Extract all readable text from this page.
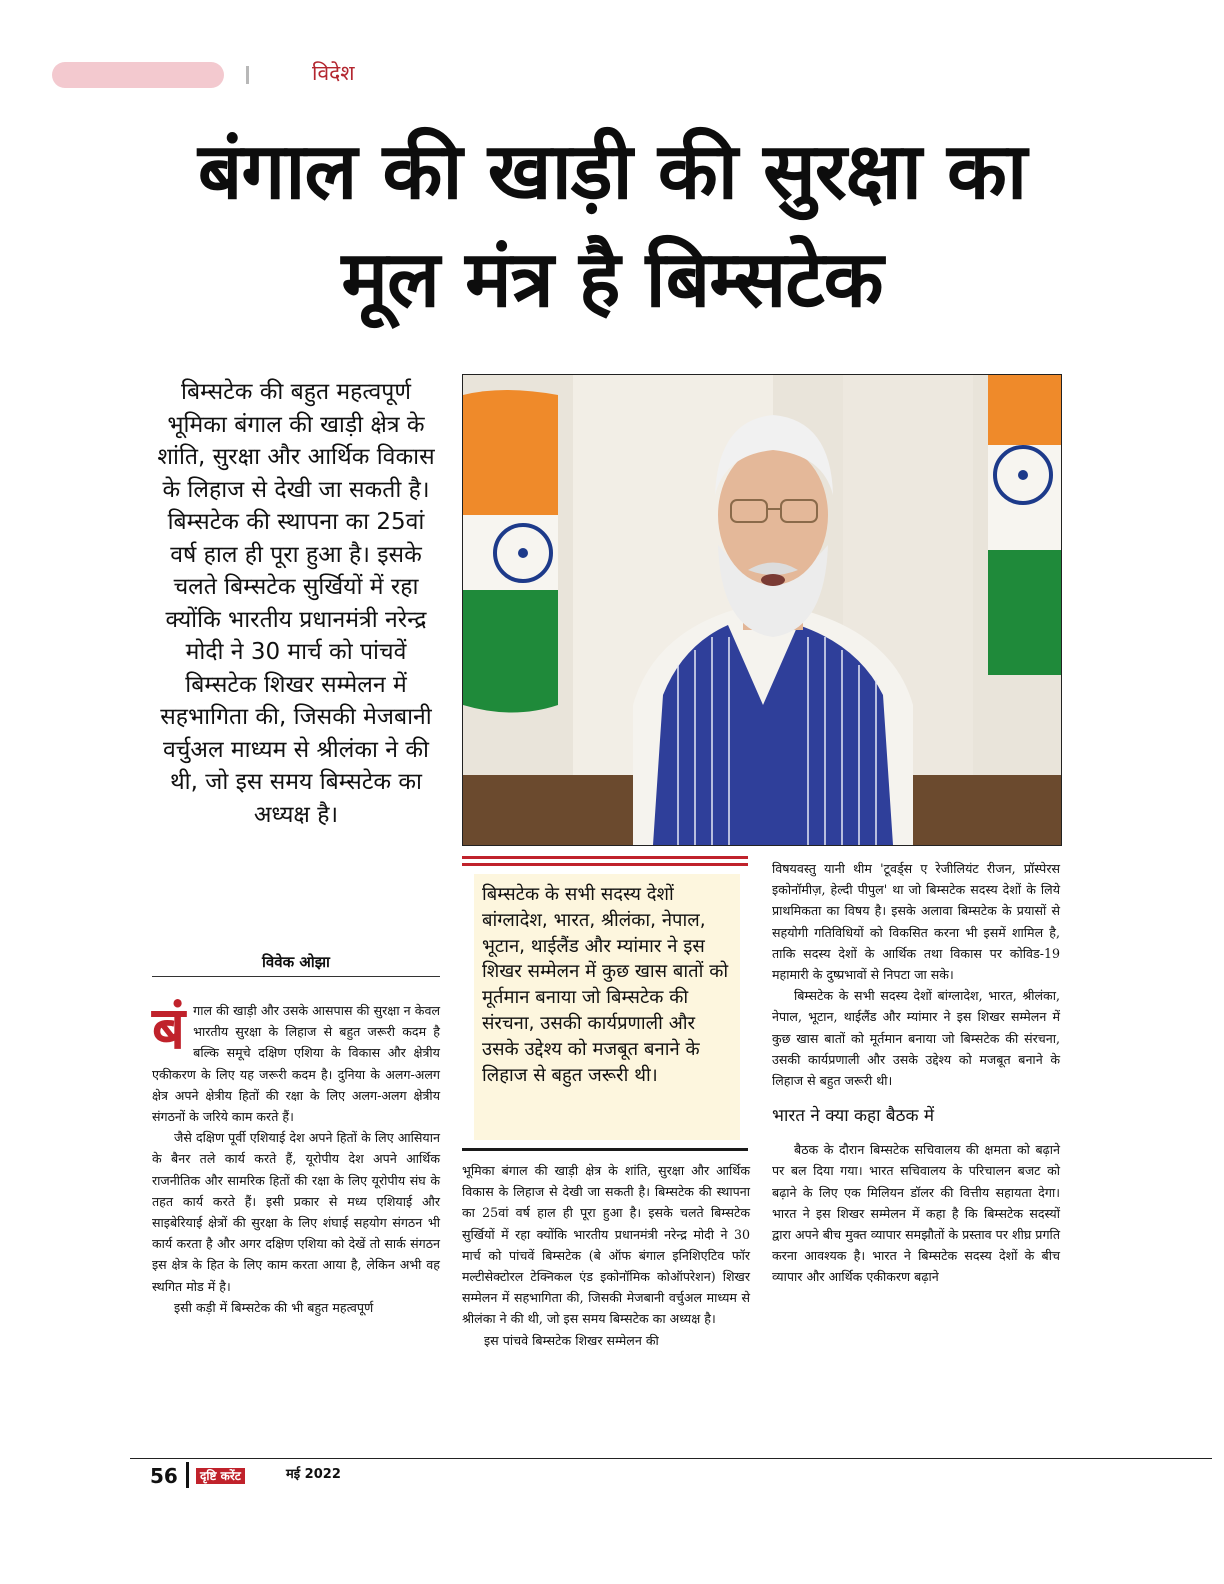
विदेश
बंगाल की खाड़ी की सुरक्षा का
मूल मंत्र है बिम्सटेक
बिम्सटेक की बहुत महत्वपूर्ण भूमिका बंगाल की खाड़ी क्षेत्र के शांति, सुरक्षा और आर्थिक विकास के लिहाज से देखी जा सकती है। बिम्सटेक की स्थापना का 25वां वर्ष हाल ही पूरा हुआ है। इसके चलते बिम्सटेक सुर्खियों में रहा क्योंकि भारतीय प्रधानमंत्री नरेन्द्र मोदी ने 30 मार्च को पांचवें बिम्सटेक शिखर सम्मेलन में सहभागिता की, जिसकी मेजबानी वर्चुअल माध्यम से श्रीलंका ने की थी, जो इस समय बिम्सटेक का अध्यक्ष है।
विवेक ओझा

बंगाल की खाड़ी और उसके आसपास की सुरक्षा न केवल भारतीय सुरक्षा के लिहाज से बहुत जरूरी कदम है बल्कि समूचे दक्षिण एशिया के विकास और क्षेत्रीय एकीकरण के लिए यह जरूरी कदम है। दुनिया के अलग-अलग क्षेत्र अपने क्षेत्रीय हितों की रक्षा के लिए अलग-अलग क्षेत्रीय संगठनों के जरिये काम करते हैं।

जैसे दक्षिण पूर्वी एशियाई देश अपने हितों के लिए आसियान के बैनर तले कार्य करते हैं, यूरोपीय देश अपने आर्थिक राजनीतिक और सामरिक हितों की रक्षा के लिए यूरोपीय संघ के तहत कार्य करते हैं। इसी प्रकार से मध्य एशियाई और साइबेरियाई क्षेत्रों की सुरक्षा के लिए शंघाई सहयोग संगठन भी कार्य करता है और अगर दक्षिण एशिया को देखें तो सार्क संगठन इस क्षेत्र के हित के लिए काम करता आया है, लेकिन अभी वह स्थगित मोड में है।

इसी कड़ी में बिम्सटेक की भी बहुत महत्वपूर्ण

बिम्सटेक के सभी सदस्य देशों बांग्लादेश, भारत, श्रीलंका, नेपाल, भूटान, थाईलैंड और म्यांमार ने इस शिखर सम्मेलन में कुछ खास बातों को मूर्तमान बनाया जो बिम्सटेक की संरचना, उसकी कार्यप्रणाली और उसके उद्देश्य को मजबूत बनाने के लिहाज से बहुत जरूरी थी।

भूमिका बंगाल की खाड़ी क्षेत्र के शांति, सुरक्षा और आर्थिक विकास के लिहाज से देखी जा सकती है। बिम्सटेक की स्थापना का 25वां वर्ष हाल ही पूरा हुआ है। इसके चलते बिम्सटेक सुर्खियों में रहा क्योंकि भारतीय प्रधानमंत्री नरेन्द्र मोदी ने 30 मार्च को पांचवें बिम्सटेक (बे ऑफ बंगाल इनिशिएटिव फॉर मल्टीसेक्टोरल टेक्निकल एंड इकोनॉमिक कोऑपरेशन) शिखर सम्मेलन में सहभागिता की, जिसकी मेजबानी वर्चुअल माध्यम से श्रीलंका ने की थी, जो इस समय बिम्सटेक का अध्यक्ष है।

इस पांचवे बिम्सटेक शिखर सम्मेलन की

विषयवस्तु यानी थीम 'टूवर्ड्स ए रेजीलियंट रीजन, प्रॉस्पेरस इकोनॉमीज़, हेल्दी पीपुल' था जो बिम्सटेक सदस्य देशों के लिये प्राथमिकता का विषय है। इसके अलावा बिम्सटेक के प्रयासों से सहयोगी गतिविधियों को विकसित करना भी इसमें शामिल है, ताकि सदस्य देशों के आर्थिक तथा विकास पर कोविड-19 महामारी के दुष्प्रभावों से निपटा जा सके।

बिम्सटेक के सभी सदस्य देशों बांग्लादेश, भारत, श्रीलंका, नेपाल, भूटान, थाईलैंड और म्यांमार ने इस शिखर सम्मेलन में कुछ खास बातों को मूर्तमान बनाया जो बिम्सटेक की संरचना, उसकी कार्यप्रणाली और उसके उद्देश्य को मजबूत बनाने के लिहाज से बहुत जरूरी थी।

भारत ने क्या कहा बैठक में

बैठक के दौरान बिम्सटेक सचिवालय की क्षमता को बढ़ाने पर बल दिया गया। भारत सचिवालय के परिचालन बजट को बढ़ाने के लिए एक मिलियन डॉलर की वित्तीय सहायता देगा। भारत ने इस शिखर सम्मेलन में कहा है कि बिम्सटेक सदस्यों द्वारा अपने बीच मुक्त व्यापार समझौतों के प्रस्ताव पर शीघ्र प्रगति करना आवश्यक है। भारत ने बिम्सटेक सदस्य देशों के बीच व्यापार और आर्थिक एकीकरण बढ़ाने

56	दृष्टि करेंट	मई 2022
